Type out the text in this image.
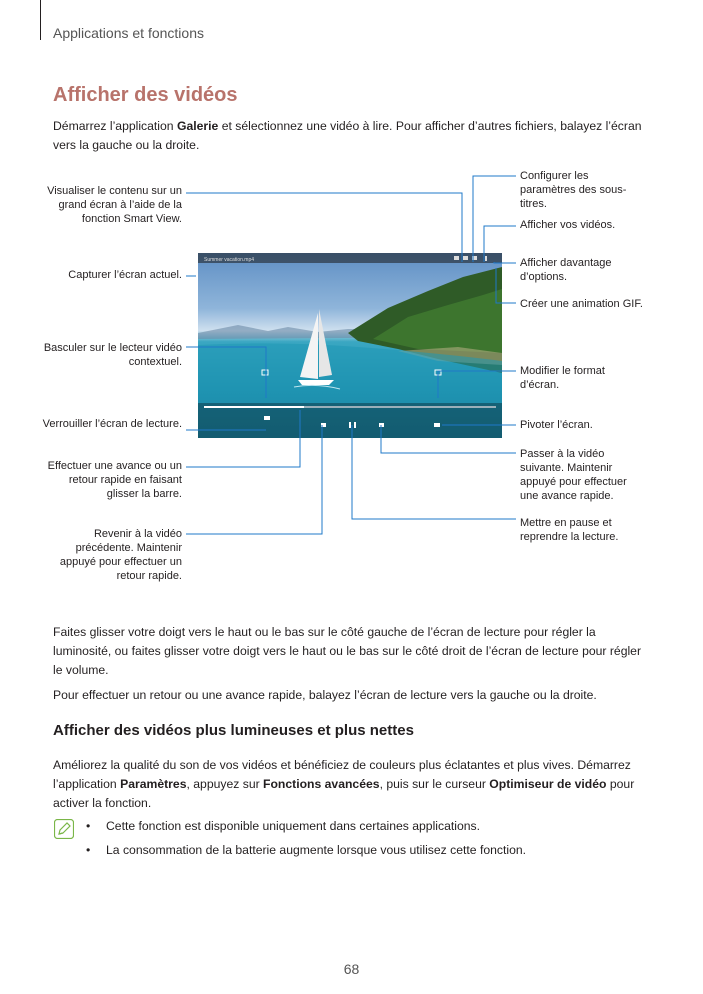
Applications et fonctions
Afficher des vidéos

Démarrez l’application Galerie et sélectionnez une vidéo à lire. Pour afficher d’autres fichiers, balayez l’écran vers la gauche ou la droite.

Summer vacation.mp4
Visualiser le contenu sur un grand écran à l’aide de la fonction Smart View.
Capturer l’écran actuel.
Basculer sur le lecteur vidéo contextuel.
Verrouiller l’écran de lecture.
Effectuer une avance ou un retour rapide en faisant glisser la barre.
Revenir à la vidéo précédente. Maintenir appuyé pour effectuer un retour rapide.
Configurer les paramètres des sous-titres.
Afficher vos vidéos.
Afficher davantage d’options.
Créer une animation GIF.
Modifier le format d’écran.
Pivoter l’écran.
Passer à la vidéo suivante. Maintenir appuyé pour effectuer une avance rapide.
Mettre en pause et reprendre la lecture.

Faites glisser votre doigt vers le haut ou le bas sur le côté gauche de l’écran de lecture pour régler la luminosité, ou faites glisser votre doigt vers le haut ou le bas sur le côté droit de l’écran de lecture pour régler le volume.

Pour effectuer un retour ou une avance rapide, balayez l’écran de lecture vers la gauche ou la droite.

Afficher des vidéos plus lumineuses et plus nettes

Améliorez la qualité du son de vos vidéos et bénéficiez de couleurs plus éclatantes et plus vives. Démarrez l’application Paramètres, appuyez sur Fonctions avancées, puis sur le curseur Optimiseur de vidéo pour activer la fonction.

• Cette fonction est disponible uniquement dans certaines applications.
• La consommation de la batterie augmente lorsque vous utilisez cette fonction.
68
